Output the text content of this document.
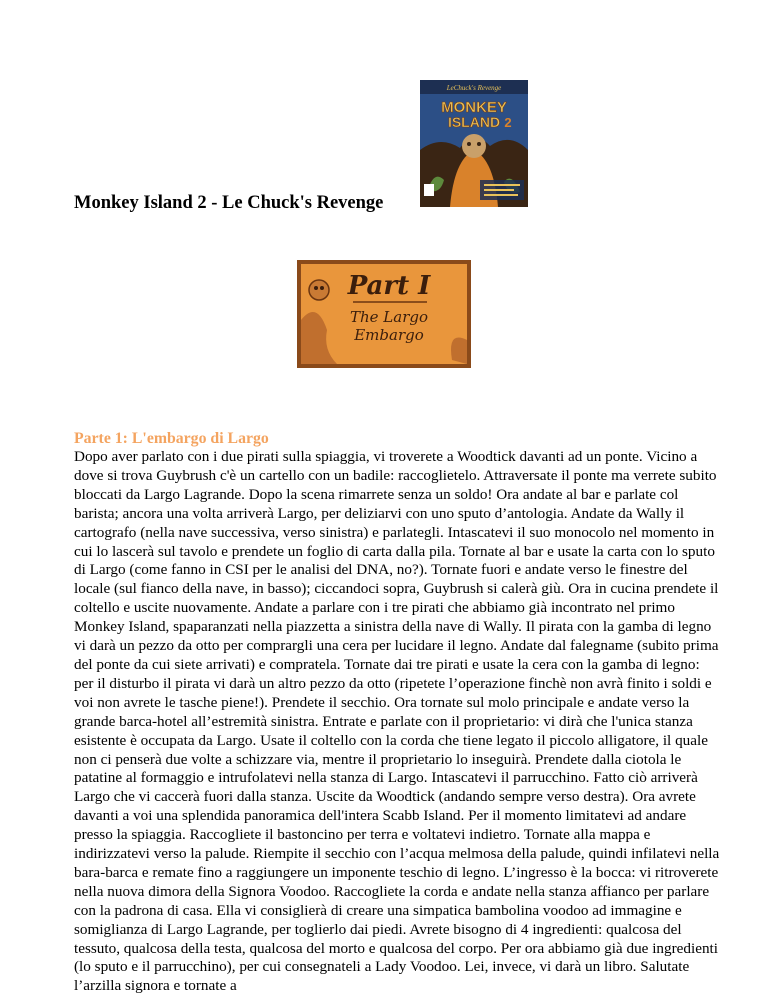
Monkey Island 2 - Le Chuck's Revenge
LeChuck's Revenge
MONKEY
ISLAND 2
Part I
The Largo
Embargo
Parte 1: L'embargo di Largo

Dopo aver parlato con i due pirati sulla spiaggia, vi troverete a Woodtick davanti ad un ponte. Vicino a dove si trova Guybrush c'è un cartello con un badile: raccoglietelo. Attraversate il ponte ma verrete subito bloccati da Largo Lagrande. Dopo la scena rimarrete senza un soldo! Ora andate al bar e parlate col barista; ancora una volta arriverà Largo, per deliziarvi con uno sputo d’antologia. Andate da Wally il cartografo (nella nave successiva, verso sinistra) e parlategli. Intascatevi il suo monocolo nel momento in cui lo lascerà sul tavolo e prendete un foglio di carta dalla pila. Tornate al bar e usate la carta con lo sputo di Largo (come fanno in CSI per le analisi del DNA, no?). Tornate fuori e andate verso le finestre del locale (sul fianco della nave, in basso); ciccandoci sopra, Guybrush si calerà giù. Ora in cucina prendete il coltello e uscite nuovamente. Andate a parlare con i tre pirati che abbiamo già incontrato nel primo Monkey Island, spaparanzati nella piazzetta a sinistra della nave di Wally. Il pirata con la gamba di legno vi darà un pezzo da otto per comprargli una cera per lucidare il legno. Andate dal falegname (subito prima del ponte da cui siete arrivati) e compratela. Tornate dai tre pirati e usate la cera con la gamba di legno: per il disturbo il pirata vi darà un altro pezzo da otto (ripetete l’operazione finchè non avrà finito i soldi e voi non avrete le tasche piene!). Prendete il secchio. Ora tornate sul molo principale e andate verso la grande barca-hotel all’estremità sinistra. Entrate e parlate con il proprietario: vi dirà che l'unica stanza esistente è occupata da Largo. Usate il coltello con la corda che tiene legato il piccolo alligatore, il quale non ci penserà due volte a schizzare via, mentre il proprietario lo inseguirà. Prendete dalla ciotola le patatine al formaggio e intrufolatevi nella stanza di Largo. Intascatevi il parrucchino. Fatto ciò arriverà Largo che vi caccerà fuori dalla stanza. Uscite da Woodtick (andando sempre verso destra). Ora avrete davanti a voi una splendida panoramica dell'intera Scabb Island. Per il momento limitatevi ad andare presso la spiaggia. Raccogliete il bastoncino per terra e voltatevi indietro. Tornate alla mappa e indirizzatevi verso la palude. Riempite il secchio con l’acqua melmosa della palude, quindi infilatevi nella bara-barca e remate fino a raggiungere un imponente teschio di legno. L’ingresso è la bocca: vi ritroverete nella nuova dimora della Signora Voodoo. Raccogliete la corda e andate nella stanza affianco per parlare con la padrona di casa. Ella vi consiglierà di creare una simpatica bambolina voodoo ad immagine e somiglianza di Largo Lagrande, per toglierlo dai piedi. Avrete bisogno di 4 ingredienti: qualcosa del tessuto, qualcosa della testa, qualcosa del morto e qualcosa del corpo. Per ora abbiamo già due ingredienti (lo sputo e il parrucchino), per cui consegnateli a Lady Voodoo. Lei, invece, vi darà un libro. Salutate l’arzilla signora e tornate a
